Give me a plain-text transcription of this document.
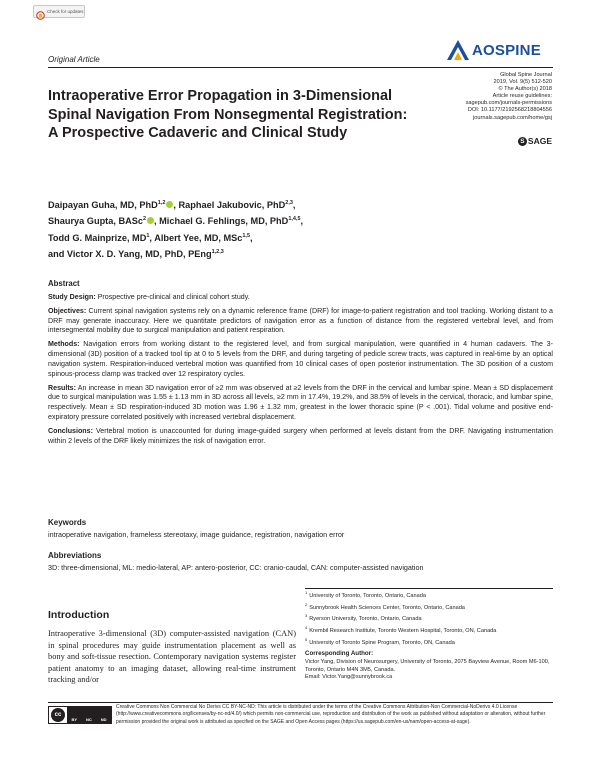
Check for updates
Original Article
AOSPINE
Global Spine Journal
2019, Vol. 9(5) 512-520
© The Author(s) 2018
Article reuse guidelines:
sagepub.com/journals-permissions
DOI: 10.1177/2192568218804556
journals.sagepub.com/home/gsj
S SAGE
Intraoperative Error Propagation in 3-Dimensional Spinal Navigation From Nonsegmental Registration: A Prospective Cadaveric and Clinical Study
Daipayan Guha, MD, PhD$^{1,2}$ , Raphael Jakubovic, PhD$^{2,3}$,
Shaurya Gupta, BASc$^2$ , Michael G. Fehlings, MD, PhD$^{1,4,5}$,
Todd G. Mainprize, $MD^1$, Albert Yee, MD, MSc$^{1,5}$,
and Victor X. D. Yang, MD, PhD, PEng$^{1,2,3}$
Abstract

Study Design: Prospective pre-clinical and clinical cohort study.

Objectives: Current spinal navigation systems rely on a dynamic reference frame (DRF) for image-to-patient registration and tool tracking. Working distant to a DRF may generate inaccuracy. Here we quantitate predictors of navigation error as a function of distance from the registered vertebral level, and from intersegmental mobility due to surgical manipulation and patient respiration.

Methods: Navigation errors from working distant to the registered level, and from surgical manipulation, were quantified in 4 human cadavers. The 3-dimensional (3D) position of a tracked tool tip at 0 to 5 levels from the DRF, and during targeting of pedicle screw tracts, was captured in real-time by an optical navigation system. Respiration-induced vertebral motion was quantified from 10 clinical cases of open posterior instrumentation. The 3D position of a custom spinous-process clamp was tracked over 12 respiratory cycles.

Results: An increase in mean 3D navigation error of ≥2 mm was observed at ≥2 levels from the DRF in the cervical and lumbar spine. Mean ± SD displacement due to surgical manipulation was 1.55 ± 1.13 mm in 3D across all levels, ≥2 mm in 17.4%, 19.2%, and 38.5% of levels in the cervical, thoracic, and lumbar spine, respectively. Mean ± SD respiration-induced 3D motion was 1.96 ± 1.32 mm, greatest in the lower thoracic spine (P < .001). Tidal volume and positive end-expiratory pressure correlated positively with increased vertebral displacement.

Conclusions: Vertebral motion is unaccounted for during image-guided surgery when performed at levels distant from the DRF. Navigating instrumentation within 2 levels of the DRF likely minimizes the risk of navigation error.

Keywords
intraoperative navigation, frameless stereotaxy, image guidance, registration, navigation error
Abbreviations
3D: three-dimensional, ML: medio-lateral, AP: antero-posterior, CC: cranio-caudal, CAN: computer-assisted navigation
Introduction
Intraoperative 3-dimensional (3D) computer-assisted navigation (CAN) in spinal procedures may guide instrumentation placement as well as bony and soft-tissue resection. Contemporary navigation systems register patient anatomy to an imaging dataset, allowing real-time instrument tracking and/or
$^1$University of Toronto, Toronto, Ontario, Canada
$^2$Sunnybrook Health Sciences Center, Toronto, Ontario, Canada
$^3$Ryerson University, Toronto, Ontario, Canada
$^4$Krembil Research Institute, Toronto Western Hospital, Toronto, ON, Canada
$^5$University of Toronto Spine Program, Toronto, ON, Canada
Corresponding Author:
Victor Yang, Division of Neurosurgery, University of Toronto, 2075 Bayview Avenue, Room M6-100, Toronto, Ontario M4N 3M5, Canada.
Email: Victor.Yang@sunnybrook.ca
cc
BY NC ND
Creative Commons Non Commercial No Derivs CC BY-NC-ND: This article is distributed under the terms of the Creative Commons Attribution-Non Commercial-NoDerivs 4.0 License (http://www.creativecommons.org/licenses/by-nc-nd/4.0/) which permits non-commercial use, reproduction and distribution of the work as published without adaptation or alteration, without further permission provided the original work is attributed as specified on the SAGE and Open Access pages (https://us.sagepub.com/en-us/nam/open-access-at-sage).
